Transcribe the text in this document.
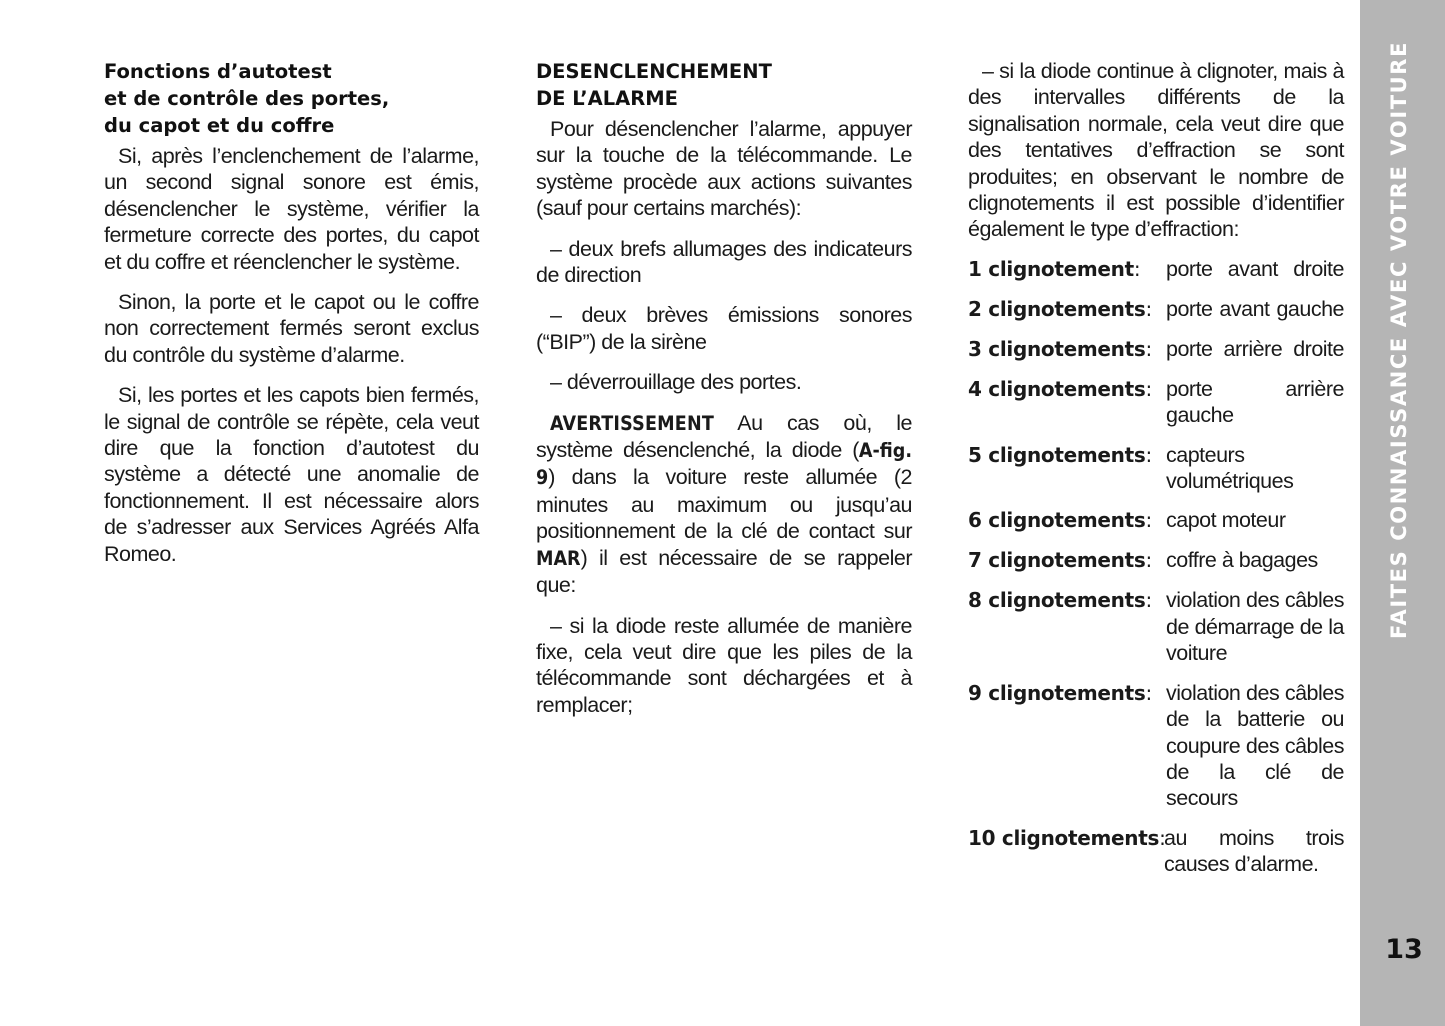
Fonctions d’autotest
et de contrôle des portes,
du capot et du coffre

Si, après l’enclenchement de l’alarme, un second signal sonore est émis, désenclencher le système, vérifier la fermeture correcte des portes, du capot et du coffre et réenclencher le système.

Sinon, la porte et le capot ou le coffre non correctement fermés seront exclus du contrôle du système d’alarme.

Si, les portes et les capots bien fermés, le signal de contrôle se répète, cela veut dire que la fonction d’autotest du système a détecté une anomalie de fonctionnement. Il est nécessaire alors de s’adresser aux Services Agréés Alfa Romeo.

DESENCLENCHEMENT
DE L’ALARME

Pour désenclencher l’alarme, appuyer sur la touche de la télécommande. Le système procède aux actions suivantes (sauf pour certains marchés):

– deux brefs allumages des indicateurs de direction

– deux brèves émissions sonores (“BIP”) de la sirène

– déverrouillage des portes.

AVERTISSEMENT Au cas où, le système désenclenché, la diode (A-fig. 9) dans la voiture reste allumée (2 minutes au maximum ou jusqu’au positionnement de la clé de contact sur MAR) il est nécessaire de se rappeler que:

– si la diode reste allumée de manière fixe, cela veut dire que les piles de la télécommande sont déchargées et à remplacer;

– si la diode continue à clignoter, mais à des intervalles différents de la signalisation normale, cela veut dire que des tentatives d’effraction se sont produites; en observant le nombre de clignotements il est possible d’identifier également le type d’effraction:

1 clignotement:	porte avant droite
2 clignotements: porte avant gauche
3 clignotements: porte arrière droite
4 clignotements: porte arrière gauche
5 clignotements: capteurs volumétriques
6 clignotements: capot moteur
7 clignotements: coffre à bagages
8 clignotements: violation des câbles de démarrage de la voiture
9 clignotements: violation des câbles de la batterie ou coupure des câbles de la clé de secours
10 clignotements:
au moins trois causes d’alarme.
FAITES CONNAISSANCE AVEC VOTRE VOITURE
13
